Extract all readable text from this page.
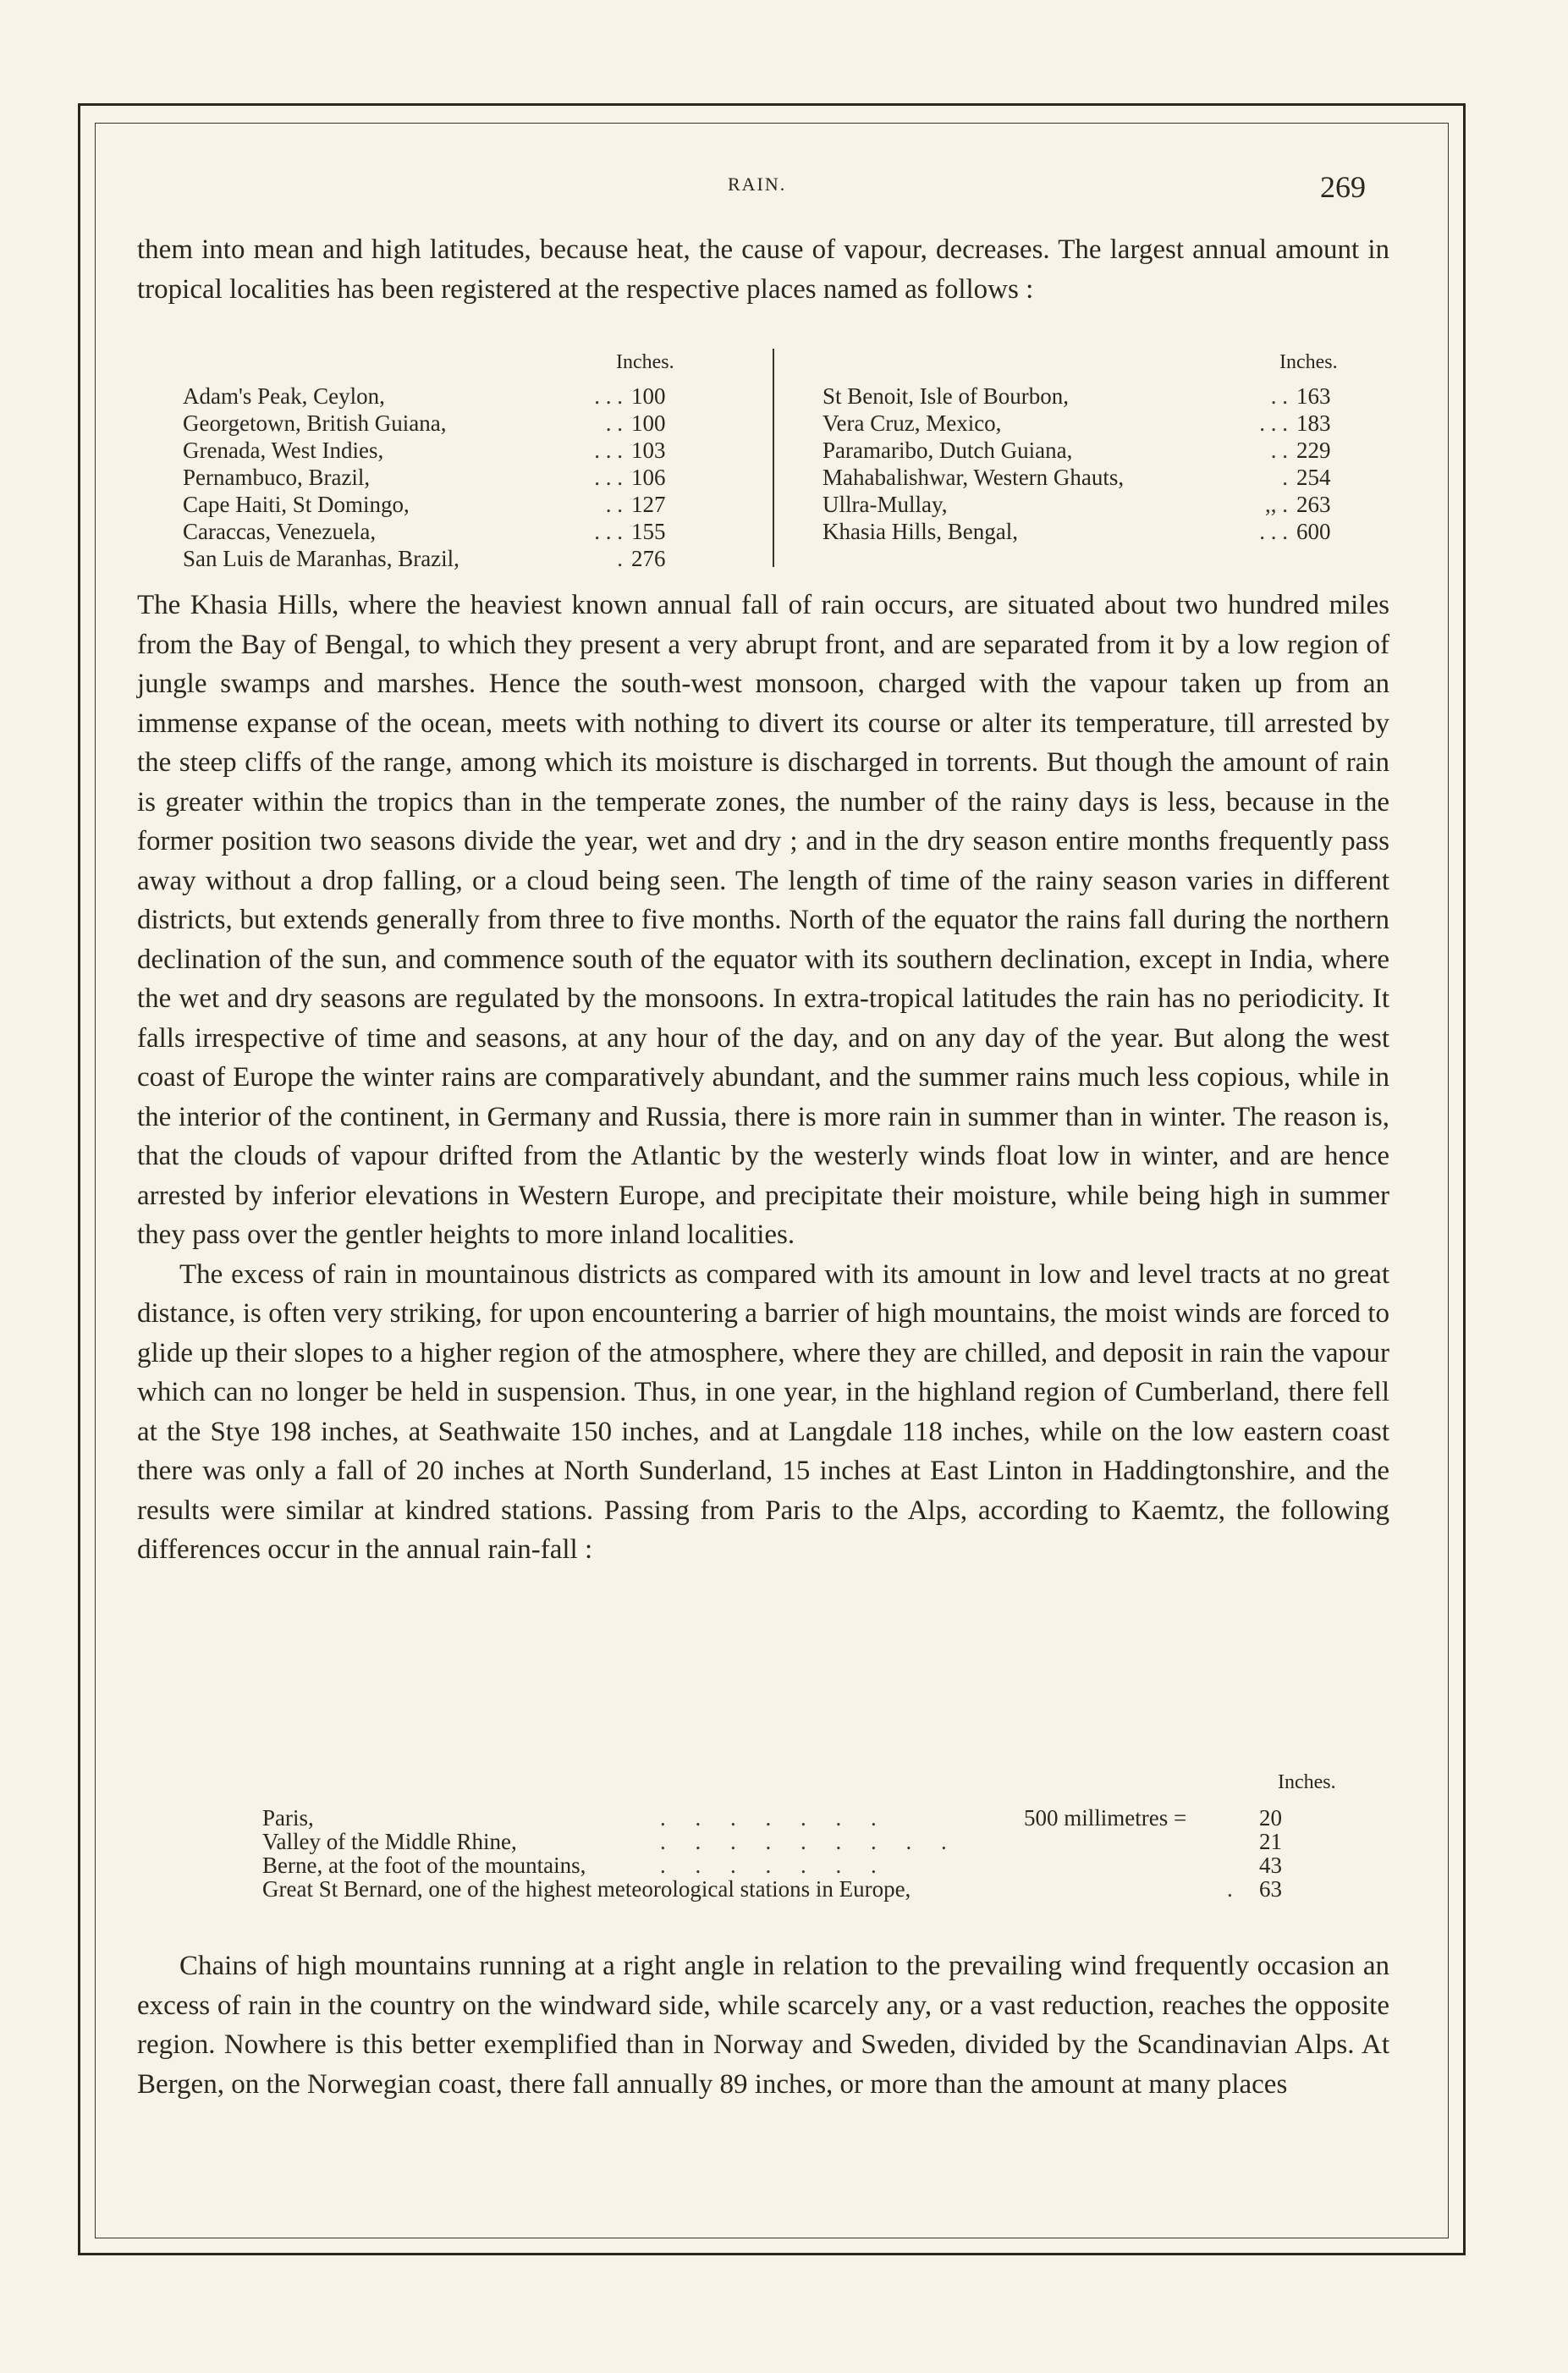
RAIN.	269

them into mean and high latitudes, because heat, the cause of vapour, decreases. The largest annual amount in tropical localities has been registered at the respective places named as follows :

Inches.
Adam's Peak, Ceylon,	. . . 100
Georgetown, British Guiana,	. . 100
Grenada, West Indies,	. . . 103
Pernambuco, Brazil,	. . . 106
Cape Haiti, St Domingo,	. . 127
Caraccas, Venezuela,	. . . 155
San Luis de Maranhas, Brazil,	. 276
Inches.
St Benoit, Isle of Bourbon,	. . 163
Vera Cruz, Mexico,	. . . 183
Paramaribo, Dutch Guiana,	. . 229
Mahabalishwar, Western Ghauts,	. 254
Ullra-Mullay,	,, . 263
Khasia Hills, Bengal,	. . . 600

The Khasia Hills, where the heaviest known annual fall of rain occurs, are situated about two hundred miles from the Bay of Bengal, to which they present a very abrupt front, and are separated from it by a low region of jungle swamps and marshes. Hence the south-west monsoon, charged with the vapour taken up from an immense expanse of the ocean, meets with nothing to divert its course or alter its temperature, till arrested by the steep cliffs of the range, among which its moisture is discharged in torrents. But though the amount of rain is greater within the tropics than in the temperate zones, the number of the rainy days is less, because in the former position two seasons divide the year, wet and dry ; and in the dry season entire months frequently pass away without a drop falling, or a cloud being seen. The length of time of the rainy season varies in different districts, but extends generally from three to five months. North of the equator the rains fall during the northern declination of the sun, and commence south of the equator with its southern declination, except in India, where the wet and dry seasons are regulated by the monsoons. In extra-tropical latitudes the rain has no periodicity. It falls irrespective of time and seasons, at any hour of the day, and on any day of the year. But along the west coast of Europe the winter rains are comparatively abundant, and the summer rains much less copious, while in the interior of the continent, in Germany and Russia, there is more rain in summer than in winter. The reason is, that the clouds of vapour drifted from the Atlantic by the westerly winds float low in winter, and are hence arrested by inferior elevations in Western Europe, and precipitate their moisture, while being high in summer they pass over the gentler heights to more inland localities.

The excess of rain in mountainous districts as compared with its amount in low and level tracts at no great distance, is often very striking, for upon encountering a barrier of high mountains, the moist winds are forced to glide up their slopes to a higher region of the atmosphere, where they are chilled, and deposit in rain the vapour which can no longer be held in suspension. Thus, in one year, in the highland region of Cumberland, there fell at the Stye 198 inches, at Seathwaite 150 inches, and at Langdale 118 inches, while on the low eastern coast there was only a fall of 20 inches at North Sunderland, 15 inches at East Linton in Haddingtonshire, and the results were similar at kindred stations. Passing from Paris to the Alps, according to Kaemtz, the following differences occur in the annual rain-fall :

Inches.
Paris,	. . . . . . .	500 millimetres =	20
Valley of the Middle Rhine,	. . . . . . . . .	21
Berne, at the foot of the mountains,	. . . . . . .	43
Great St Bernard, one of the highest meteorological stations in Europe,	. 63

Chains of high mountains running at a right angle in relation to the prevailing wind frequently occasion an excess of rain in the country on the windward side, while scarcely any, or a vast reduction, reaches the opposite region. Nowhere is this better exemplified than in Norway and Sweden, divided by the Scandinavian Alps. At Bergen, on the Norwegian coast, there fall annually 89 inches, or more than the amount at many places
